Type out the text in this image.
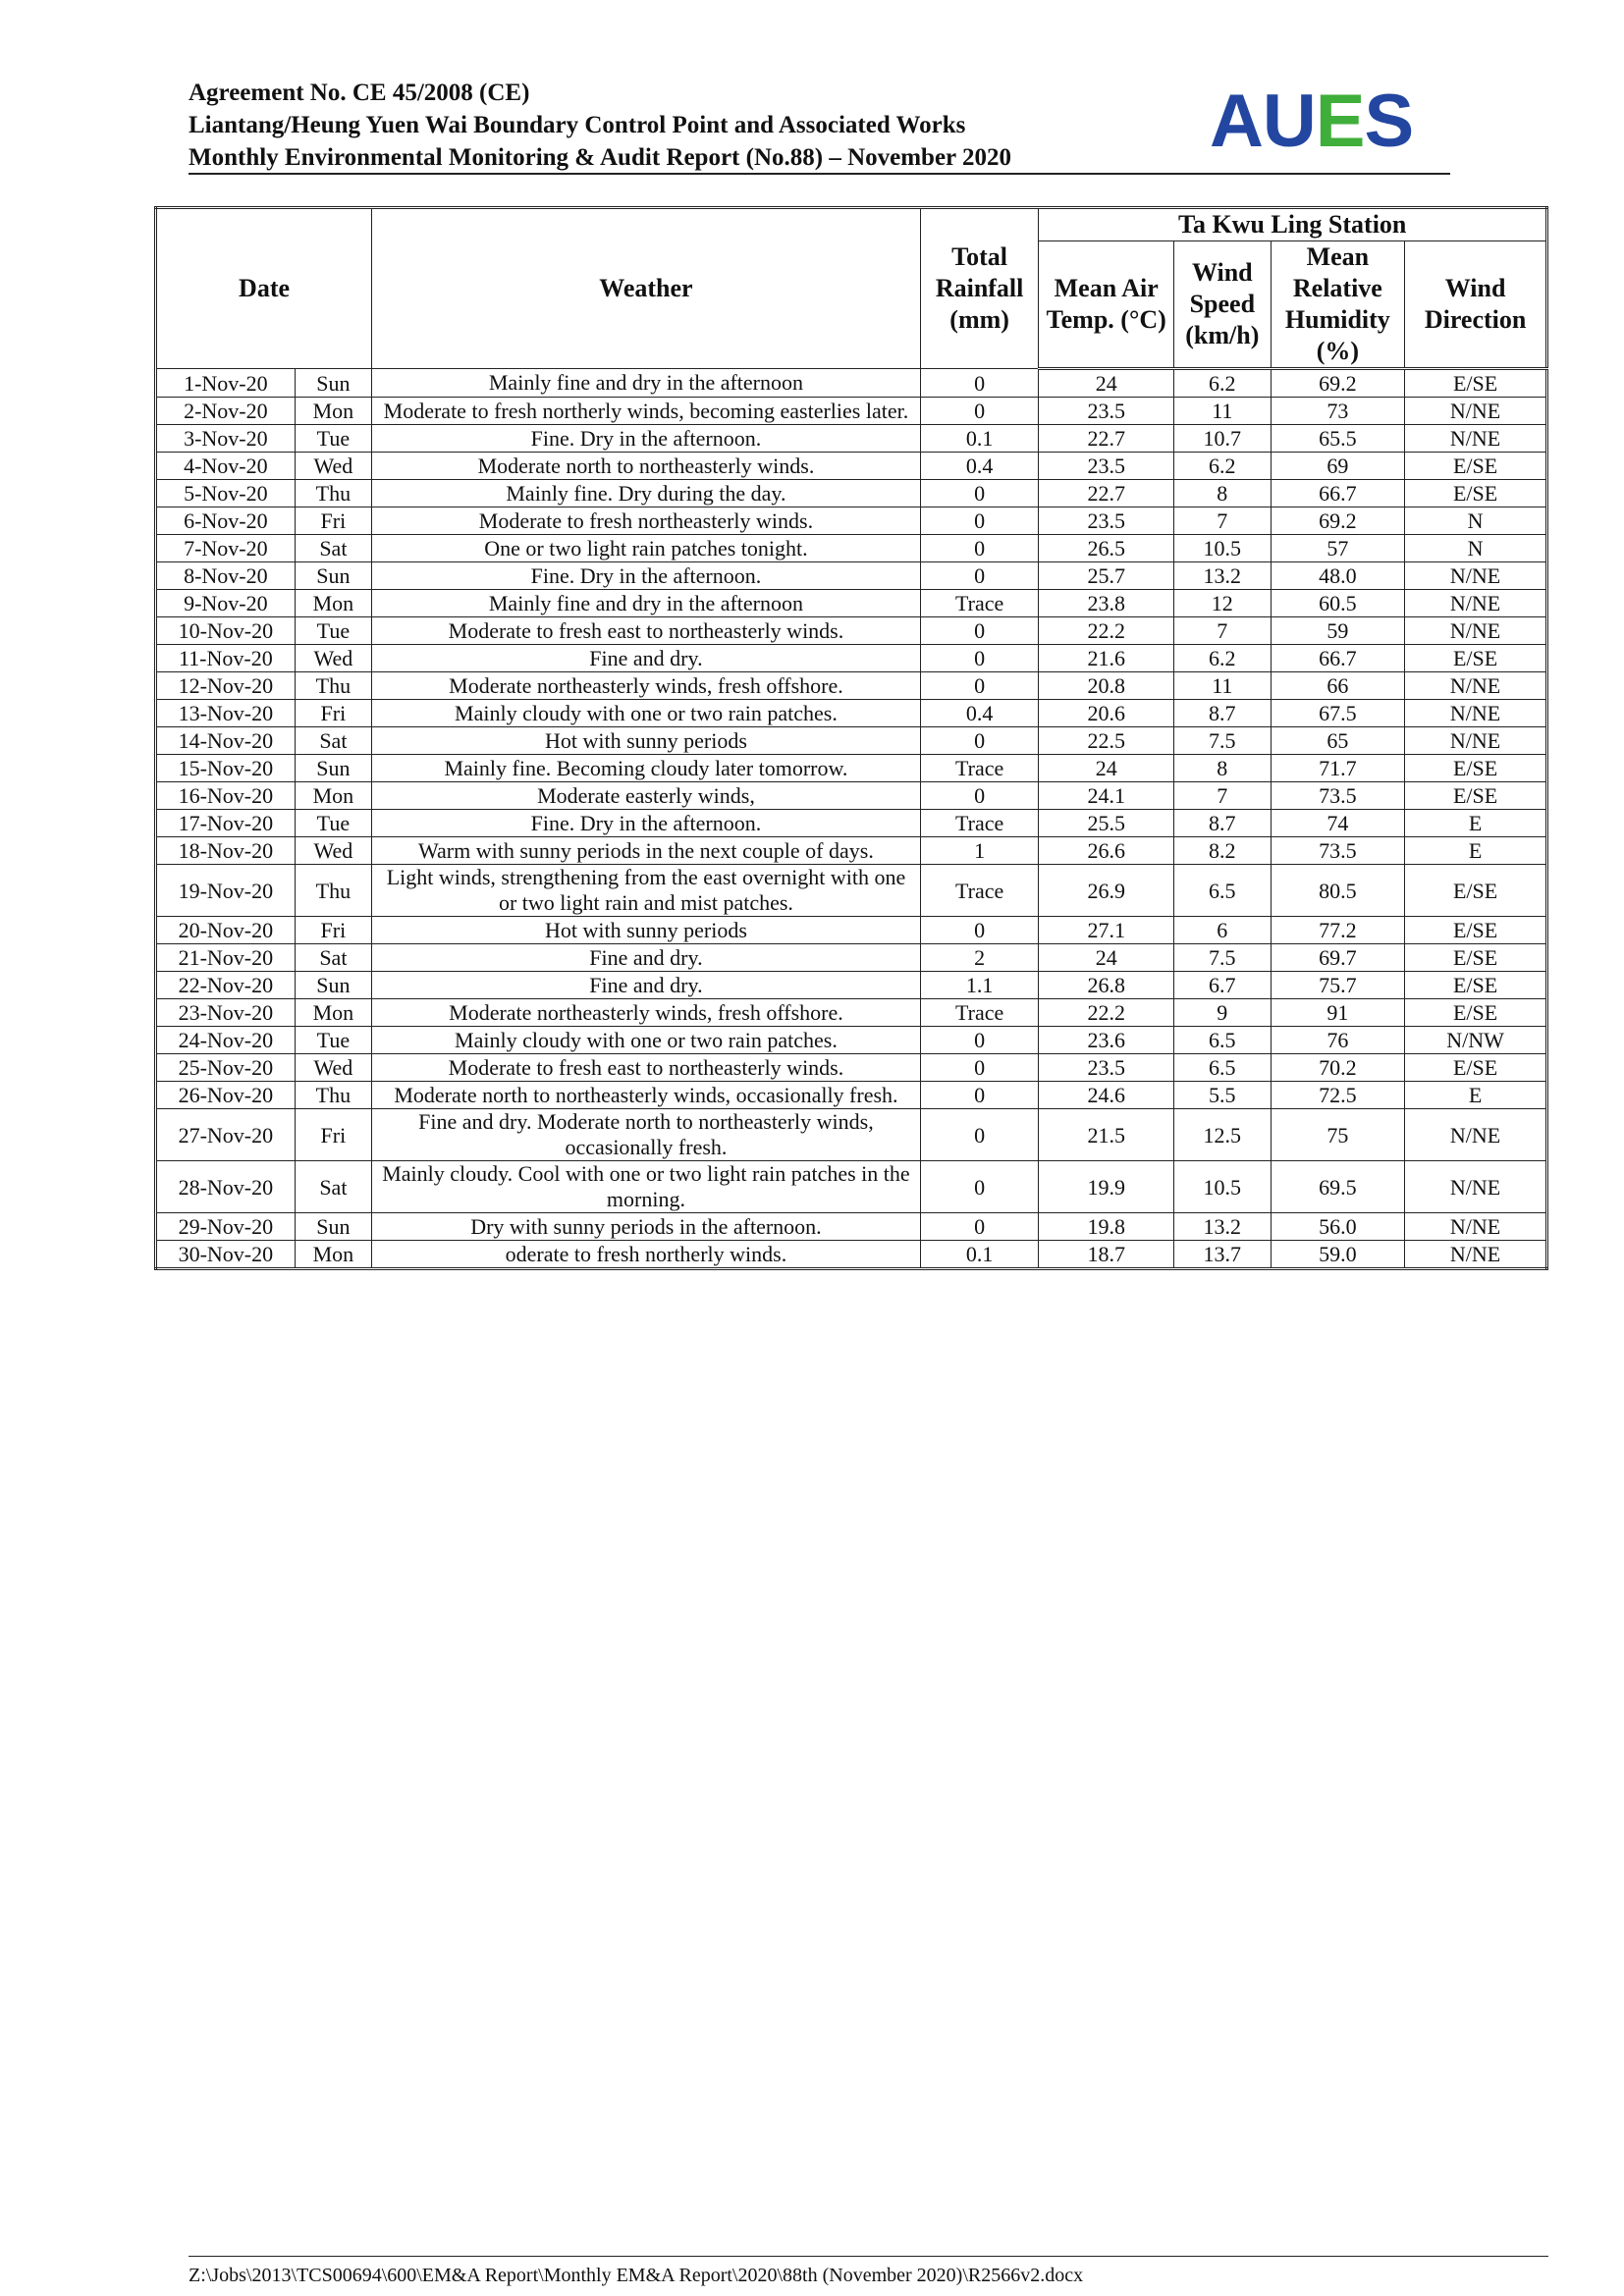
Agreement No. CE 45/2008 (CE)
Liantang/Heung Yuen Wai Boundary Control Point and Associated Works
Monthly Environmental Monitoring & Audit Report (No.88) – November 2020	AUES
Date		Weather	Total Rainfall (mm)	Ta Kwu Ling Station			
				Mean Air Temp. (°C)	Wind Speed (km/h)	Mean Relative Humidity (%)	Wind Direction
1-Nov-20	Sun	Mainly fine and dry in the afternoon	0	24	6.2	69.2	E/SE
2-Nov-20	Mon	Moderate to fresh northerly winds, becoming easterlies later.	0	23.5	11	73	N/NE
3-Nov-20	Tue	Fine. Dry in the afternoon.	0.1	22.7	10.7	65.5	N/NE
4-Nov-20	Wed	Moderate north to northeasterly winds.	0.4	23.5	6.2	69	E/SE
5-Nov-20	Thu	Mainly fine. Dry during the day.	0	22.7	8	66.7	E/SE
6-Nov-20	Fri	Moderate to fresh northeasterly winds.	0	23.5	7	69.2	N
7-Nov-20	Sat	One or two light rain patches tonight.	0	26.5	10.5	57	N
8-Nov-20	Sun	Fine. Dry in the afternoon.	0	25.7	13.2	48.0	N/NE
9-Nov-20	Mon	Mainly fine and dry in the afternoon	Trace	23.8	12	60.5	N/NE
10-Nov-20	Tue	Moderate to fresh east to northeasterly winds.	0	22.2	7	59	N/NE
11-Nov-20	Wed	Fine and dry.	0	21.6	6.2	66.7	E/SE
12-Nov-20	Thu	Moderate northeasterly winds, fresh offshore.	0	20.8	11	66	N/NE
13-Nov-20	Fri	Mainly cloudy with one or two rain patches.	0.4	20.6	8.7	67.5	N/NE
14-Nov-20	Sat	Hot with sunny periods	0	22.5	7.5	65	N/NE
15-Nov-20	Sun	Mainly fine. Becoming cloudy later tomorrow.	Trace	24	8	71.7	E/SE
16-Nov-20	Mon	Moderate easterly winds,	0	24.1	7	73.5	E/SE
17-Nov-20	Tue	Fine. Dry in the afternoon.	Trace	25.5	8.7	74	E
18-Nov-20	Wed	Warm with sunny periods in the next couple of days.	1	26.6	8.2	73.5	E
19-Nov-20	Thu	Light winds, strengthening from the east overnight with one or two light rain and mist patches.	Trace	26.9	6.5	80.5	E/SE
20-Nov-20	Fri	Hot with sunny periods	0	27.1	6	77.2	E/SE
21-Nov-20	Sat	Fine and dry.	2	24	7.5	69.7	E/SE
22-Nov-20	Sun	Fine and dry.	1.1	26.8	6.7	75.7	E/SE
23-Nov-20	Mon	Moderate northeasterly winds, fresh offshore.	Trace	22.2	9	91	E/SE
24-Nov-20	Tue	Mainly cloudy with one or two rain patches.	0	23.6	6.5	76	N/NW
25-Nov-20	Wed	Moderate to fresh east to northeasterly winds.	0	23.5	6.5	70.2	E/SE
26-Nov-20	Thu	Moderate north to northeasterly winds, occasionally fresh.	0	24.6	5.5	72.5	E
27-Nov-20	Fri	Fine and dry. Moderate north to northeasterly winds, occasionally fresh.	0	21.5	12.5	75	N/NE
28-Nov-20	Sat	Mainly cloudy. Cool with one or two light rain patches in the morning.	0	19.9	10.5	69.5	N/NE
29-Nov-20	Sun	Dry with sunny periods in the afternoon.	0	19.8	13.2	56.0	N/NE
30-Nov-20	Mon	oderate to fresh northerly winds.	0.1	18.7	13.7	59.0	N/NE
Z:\Jobs\2013\TCS00694\600\EM&A Report\Monthly EM&A Report\2020\88th (November 2020)\R2566v2.docx
